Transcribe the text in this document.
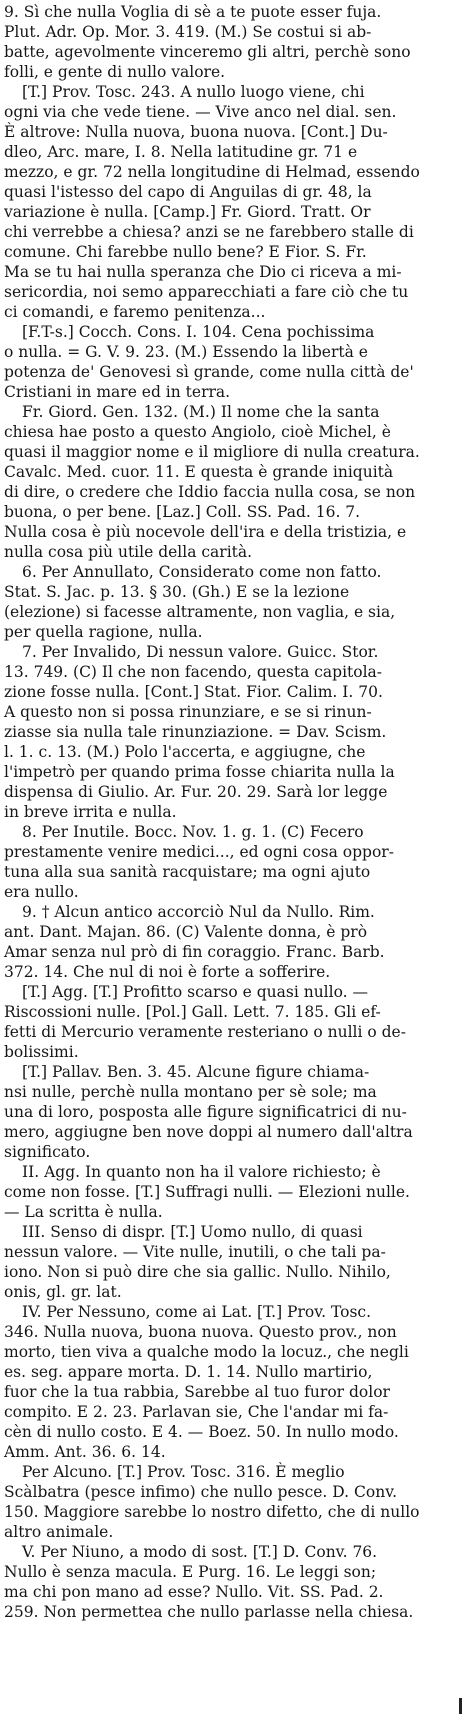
9. Sì che nulla Voglia di sè a te puote esser fuja.
Plut. Adr. Op. Mor. 3. 419. (M.) Se costui si ab-
batte, agevolmente vinceremo gli altri, perchè sono
folli, e gente di nullo valore.
[T.] Prov. Tosc. 243. A nullo luogo viene, chi
ogni via che vede tiene. — Vive anco nel dial. sen.
È altrove: Nulla nuova, buona nuova. [Cont.] Du-
dleo, Arc. mare, I. 8. Nella latitudine gr. 71 e
mezzo, e gr. 72 nella longitudine di Helmad, essendo
quasi l'istesso del capo di Anguilas di gr. 48, la
variazione è nulla. [Camp.] Fr. Giord. Tratt. Or
chi verrebbe a chiesa? anzi se ne farebbero stalle di
comune. Chi farebbe nullo bene? E Fior. S. Fr.
Ma se tu hai nulla speranza che Dio ci riceva a mi-
sericordia, noi semo apparecchiati a fare ciò che tu
ci comandi, e faremo penitenza...
[F.T-s.] Cocch. Cons. I. 104. Cena pochissima
o nulla. = G. V. 9. 23. (M.) Essendo la libertà e
potenza de' Genovesi sì grande, come nulla città de'
Cristiani in mare ed in terra.
Fr. Giord. Gen. 132. (M.) Il nome che la santa
chiesa hae posto a questo Angiolo, cioè Michel, è
quasi il maggior nome e il migliore di nulla creatura.
Cavalc. Med. cuor. 11. E questa è grande iniquità
di dire, o credere che Iddio faccia nulla cosa, se non
buona, o per bene. [Laz.] Coll. SS. Pad. 16. 7.
Nulla cosa è più nocevole dell'ira e della tristizia, e
nulla cosa più utile della carità.
6. Per Annullato, Considerato come non fatto.
Stat. S. Jac. p. 13. § 30. (Gh.) E se la lezione
(elezione) si facesse altramente, non vaglia, e sia,
per quella ragione, nulla.
7. Per Invalido, Di nessun valore. Guicc. Stor.
13. 749. (C) Il che non facendo, questa capitola-
zione fosse nulla. [Cont.] Stat. Fior. Calim. I. 70.
A questo non si possa rinunziare, e se si rinun-
ziasse sia nulla tale rinunziazione. = Dav. Scism.
l. 1. c. 13. (M.) Polo l'accerta, e aggiugne, che
l'impetrò per quando prima fosse chiarita nulla la
dispensa di Giulio. Ar. Fur. 20. 29. Sarà lor legge
in breve irrita e nulla.
8. Per Inutile. Bocc. Nov. 1. g. 1. (C) Fecero
prestamente venire medici..., ed ogni cosa oppor-
tuna alla sua sanità racquistare; ma ogni ajuto
era nullo.
9. † Alcun antico accorciò Nul da Nullo. Rim.
ant. Dant. Majan. 86. (C) Valente donna, è prò
Amar senza nul prò di fin coraggio. Franc. Barb.
372. 14. Che nul di noi è forte a sofferire.
[T.] Agg. [T.] Profitto scarso e quasi nullo. —
Riscossioni nulle. [Pol.] Gall. Lett. 7. 185. Gli ef-
fetti di Mercurio veramente resteriano o nulli o de-
bolissimi.
[T.] Pallav. Ben. 3. 45. Alcune figure chiama-
nsi nulle, perchè nulla montano per sè sole; ma
una di loro, posposta alle figure significatrici di nu-
mero, aggiugne ben nove doppi al numero dall'altra
significato.
II. Agg. In quanto non ha il valore richiesto; è
come non fosse. [T.] Suffragi nulli. — Elezioni nulle.
— La scritta è nulla.
III. Senso di dispr. [T.] Uomo nullo, di quasi
nessun valore. — Vite nulle, inutili, o che tali pa-
iono. Non si può dire che sia gallic. Nullo. Nihilo,
onis, gl. gr. lat.
IV. Per Nessuno, come ai Lat. [T.] Prov. Tosc.
346. Nulla nuova, buona nuova. Questo prov., non
morto, tien viva a qualche modo la locuz., che negli
es. seg. appare morta. D. 1. 14. Nullo martirio,
fuor che la tua rabbia, Sarebbe al tuo furor dolor
compito. E 2. 23. Parlavan sie, Che l'andar mi fa-
cèn di nullo costo. E 4. — Boez. 50. In nullo modo.
Amm. Ant. 36. 6. 14.
Per Alcuno. [T.] Prov. Tosc. 316. È meglio
Scàlbatra (pesce infimo) che nullo pesce. D. Conv.
150. Maggiore sarebbe lo nostro difetto, che di nullo
altro animale.
V. Per Niuno, a modo di sost. [T.] D. Conv. 76.
Nullo è senza macula. E Purg. 16. Le leggi son;
ma chi pon mano ad esse? Nullo. Vit. SS. Pad. 2.
259. Non permettea che nullo parlasse nella chiesa.
